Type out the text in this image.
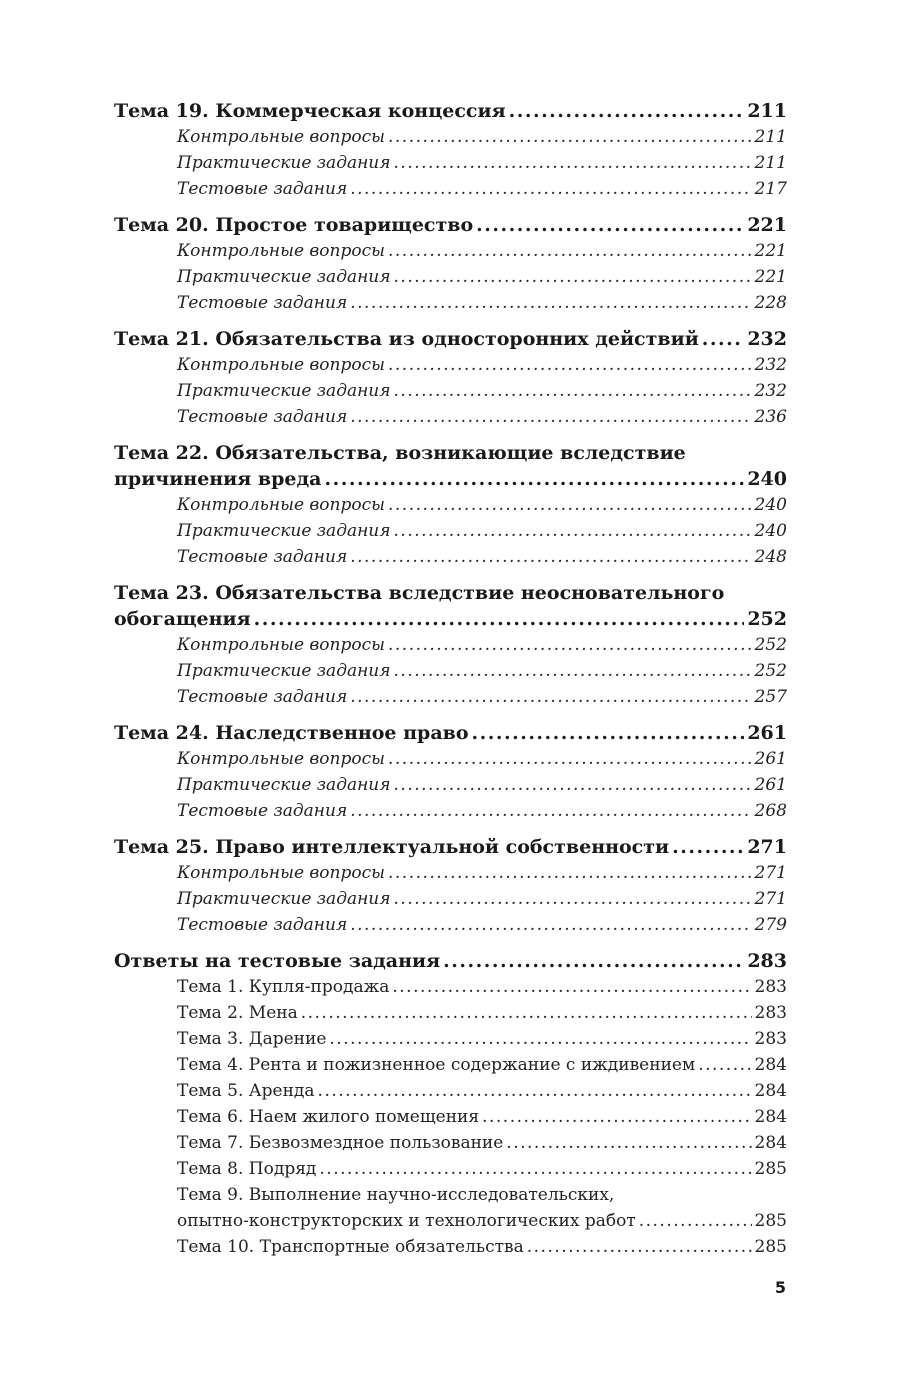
Тема 19. Коммерческая концессия .....	211
Контрольные вопросы .....	211
Практические задания .....	211
Тестовые задания .....	217
Тема 20. Простое товарищество .....	221
Контрольные вопросы .....	221
Практические задания .....	221
Тестовые задания .....	228
Тема 21. Обязательства из односторонних действий .....	232
Контрольные вопросы .....	232
Практические задания .....	232
Тестовые задания .....	236
Тема 22. Обязательства, возникающие вследствие
причинения вреда .....	240
Контрольные вопросы .....	240
Практические задания .....	240
Тестовые задания .....	248
Тема 23. Обязательства вследствие неосновательного
обогащения .....	252
Контрольные вопросы .....	252
Практические задания .....	252
Тестовые задания .....	257
Тема 24. Наследственное право .....	261
Контрольные вопросы .....	261
Практические задания .....	261
Тестовые задания .....	268
Тема 25. Право интеллектуальной собственности .....	271
Контрольные вопросы .....	271
Практические задания .....	271
Тестовые задания .....	279
Ответы на тестовые задания .....	283
Тема 1. Купля-продажа .....	283
Тема 2. Мена .....	283
Тема 3. Дарение .....	283
Тема 4. Рента и пожизненное содержание с иждивением .....	284
Тема 5. Аренда .....	284
Тема 6. Наем жилого помещения .....	284
Тема 7. Безвозмездное пользование .....	284
Тема 8. Подряд .....	285
Тема 9. Выполнение научно-исследовательских,
опытно-конструкторских и технологических работ .....	285
Тема 10. Транспортные обязательства .....	285
5
